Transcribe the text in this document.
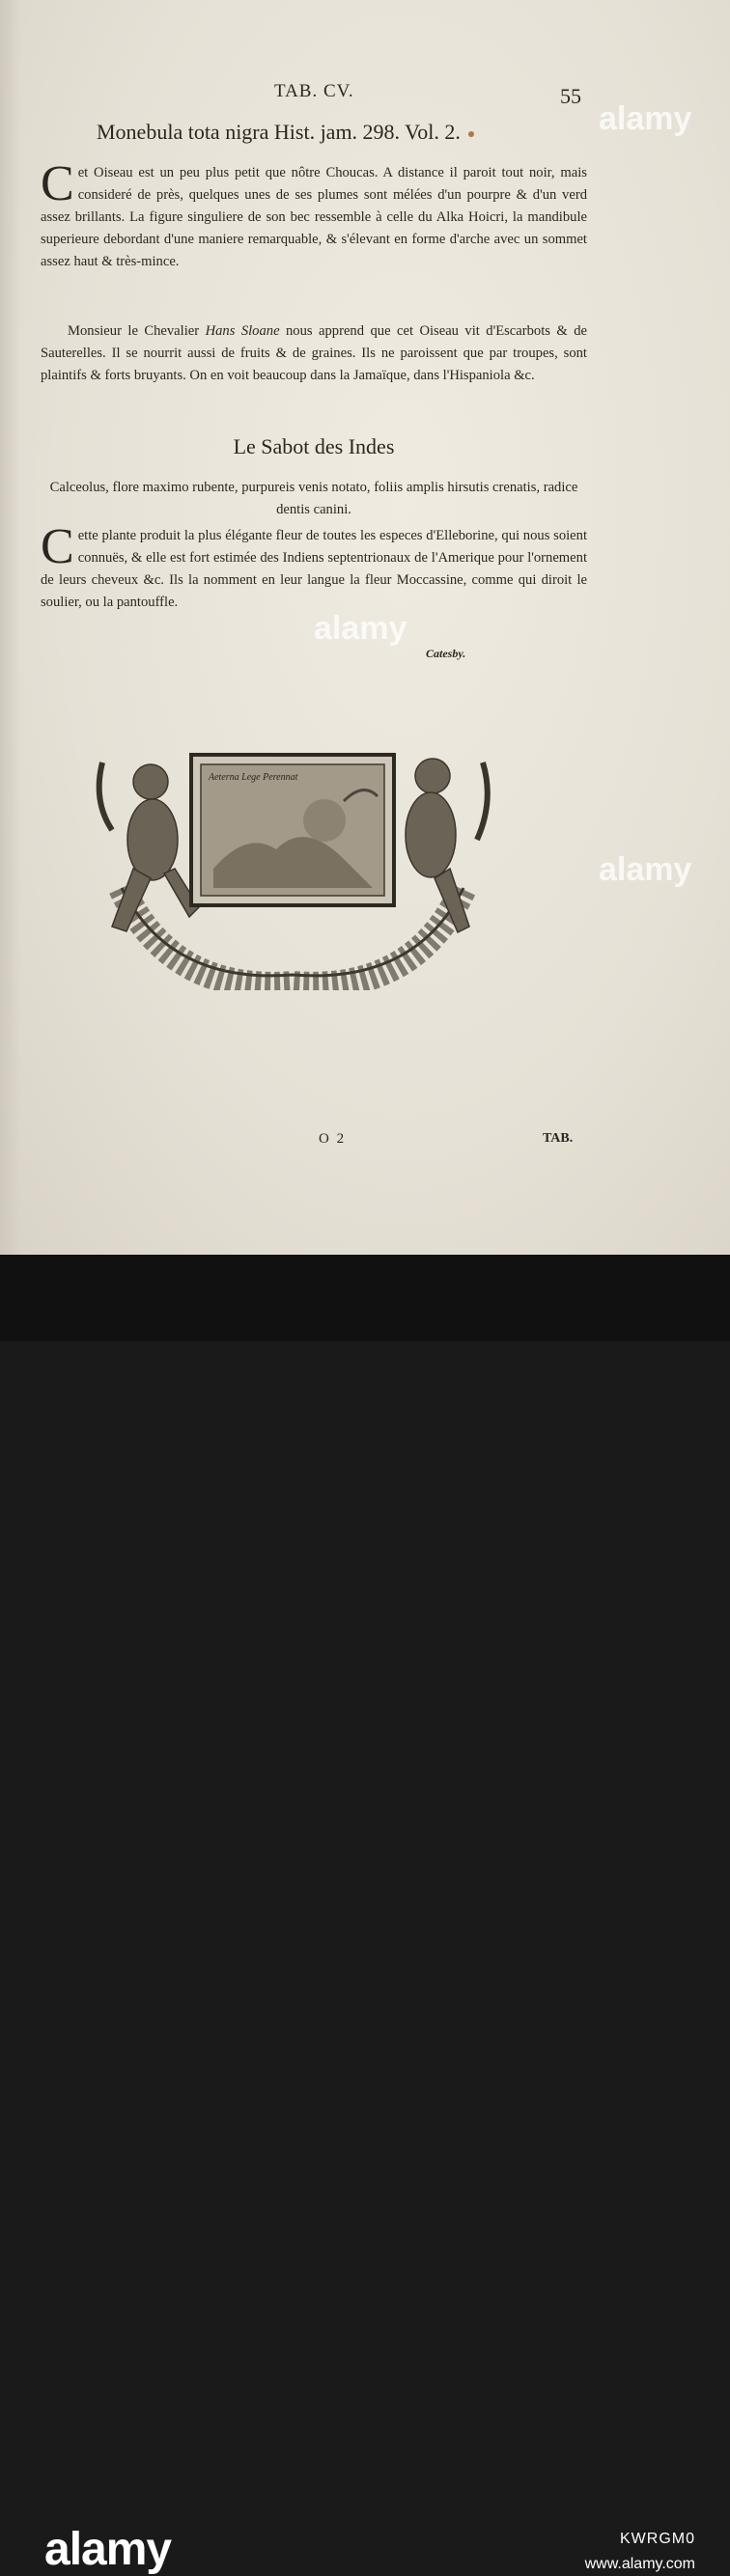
TAB. CV.	55
Monebula tota nigra Hist. jam. 298. Vol. 2.

Cet Oiseau est un peu plus petit que nôtre Choucas. A distance il paroit tout noir, mais consideré de près, quelques unes de ses plumes sont mélées d'un pourpre & d'un verd assez brillants. La figure singuliere de son bec ressemble à celle du Alka Hoicri, la mandibule superieure debordant d'une maniere remarquable, & s'élevant en forme d'arche avec un sommet assez haut & très-mince.

Monsieur le Chevalier Hans Sloane nous apprend que cet Oiseau vit d'Escarbots & de Sauterelles. Il se nourrit aussi de fruits & de graines. Ils ne paroissent que par troupes, sont plaintifs & forts bruyants. On en voit beaucoup dans la Jamaïque, dans l'Hispaniola &c.

Le Sabot des Indes
Calceolus, flore maximo rubente, purpureis venis notato, foliis amplis hirsutis crenatis, radice dentis canini.

Cette plante produit la plus élégante fleur de toutes les especes d'Elleborine, qui nous soient connuës, & elle est fort estimée des Indiens septentrionaux de l'Amerique pour l'ornement de leurs cheveux &c. Ils la nomment en leur langue la fleur Moccassine, comme qui diroit le soulier, ou la pantouffle.

Catesby.
Aeterna Lege Perennat
O 2	TAB.
alamy
alamy
alamy
alamy	KWRGM0
www.alamy.com
